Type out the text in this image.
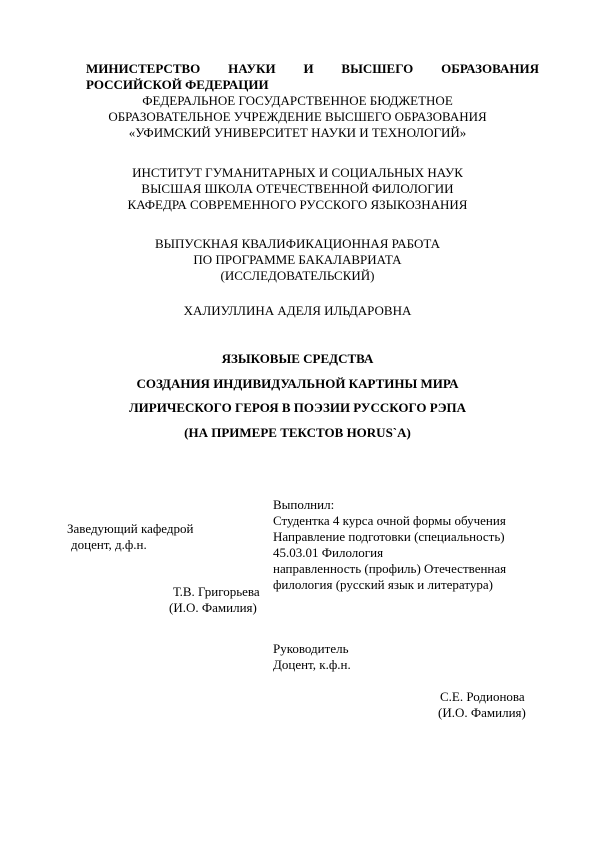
МИНИСТЕРСТВО НАУКИ И ВЫСШЕГО ОБРАЗОВАНИЯ
РОССИЙСКОЙ ФЕДЕРАЦИИ
ФЕДЕРАЛЬНОЕ ГОСУДАРСТВЕННОЕ БЮДЖЕТНОЕ
ОБРАЗОВАТЕЛЬНОЕ УЧРЕЖДЕНИЕ ВЫСШЕГО ОБРАЗОВАНИЯ
«УФИМСКИЙ УНИВЕРСИТЕТ НАУКИ И ТЕХНОЛОГИЙ»
ИНСТИТУТ ГУМАНИТАРНЫХ И СОЦИАЛЬНЫХ НАУК
ВЫСШАЯ ШКОЛА ОТЕЧЕСТВЕННОЙ ФИЛОЛОГИИ
КАФЕДРА СОВРЕМЕННОГО РУССКОГО ЯЗЫКОЗНАНИЯ
ВЫПУСКНАЯ КВАЛИФИКАЦИОННАЯ РАБОТА
ПО ПРОГРАММЕ БАКАЛАВРИАТА
(ИССЛЕДОВАТЕЛЬСКИЙ)
ХАЛИУЛЛИНА АДЕЛЯ ИЛЬДАРОВНА
ЯЗЫКОВЫЕ СРЕДСТВА
СОЗДАНИЯ ИНДИВИДУАЛЬНОЙ КАРТИНЫ МИРА
ЛИРИЧЕСКОГО ГЕРОЯ В ПОЭЗИИ РУССКОГО РЭПА
(НА ПРИМЕРЕ ТЕКСТОВ HORUS`А)
Выполнил:
Студентка 4 курса очной формы обучения
Направление подготовки (специальность)
45.03.01 Филология
направленность (профиль) Отечественная
филология (русский язык и литература)
Заведующий кафедрой
доцент, д.ф.н.
Т.В. Григорьева
(И.О. Фамилия)
Руководитель
Доцент, к.ф.н.
С.Е. Родионова
(И.О. Фамилия)
